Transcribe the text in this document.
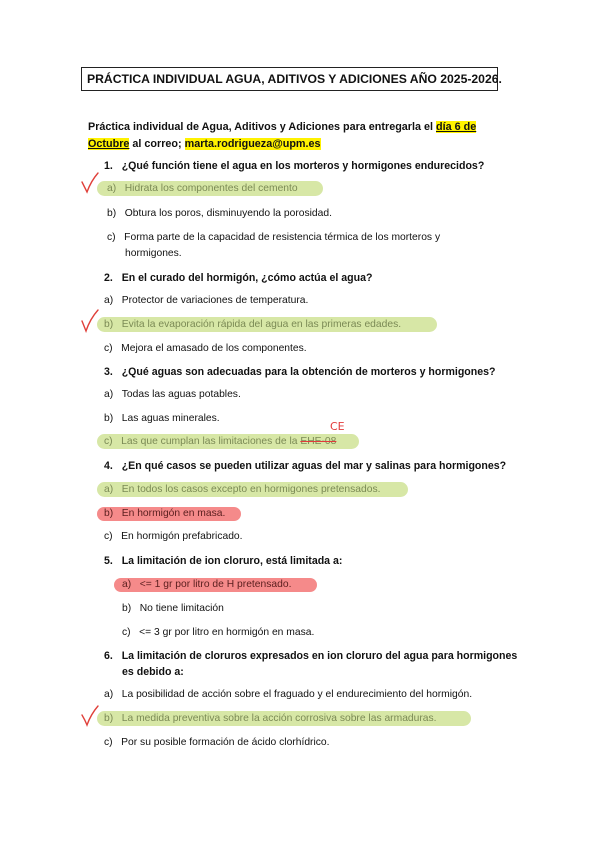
PRÁCTICA INDIVIDUAL AGUA, ADITIVOS Y ADICIONES AÑO 2025-2026.
Práctica individual de Agua, Aditivos y Adiciones para entregarla el día 6 de Octubre al correo; marta.rodrigueza@upm.es
CE
1. ¿Qué función tiene el agua en los morteros y hormigones endurecidos?
a) Hidrata los componentes del cemento
b) Obtura los poros, disminuyendo la porosidad.
c) Forma parte de la capacidad de resistencia térmica de los morteros y
hormigones.
2. En el curado del hormigón, ¿cómo actúa el agua?
a) Protector de variaciones de temperatura.
b) Evita la evaporación rápida del agua en las primeras edades.
c) Mejora el amasado de los componentes.
3. ¿Qué aguas son adecuadas para la obtención de morteros y hormigones?
a) Todas las aguas potables.
b) Las aguas minerales.
c) Las que cumplan las limitaciones de la EHE-08
4. ¿En qué casos se pueden utilizar aguas del mar y salinas para hormigones?
a) En todos los casos excepto en hormigones pretensados.
b) En hormigón en masa.
c) En hormigón prefabricado.
5. La limitación de ion cloruro, está limitada a:
a) <= 1 gr por litro de H pretensado.
b) No tiene limitación
c) <= 3 gr por litro en hormigón en masa.
6. La limitación de cloruros expresados en ion cloruro del agua para hormigones
es debido a:
a) La posibilidad de acción sobre el fraguado y el endurecimiento del hormigón.
b) La medida preventiva sobre la acción corrosiva sobre las armaduras.
c) Por su posible formación de ácido clorhídrico.
